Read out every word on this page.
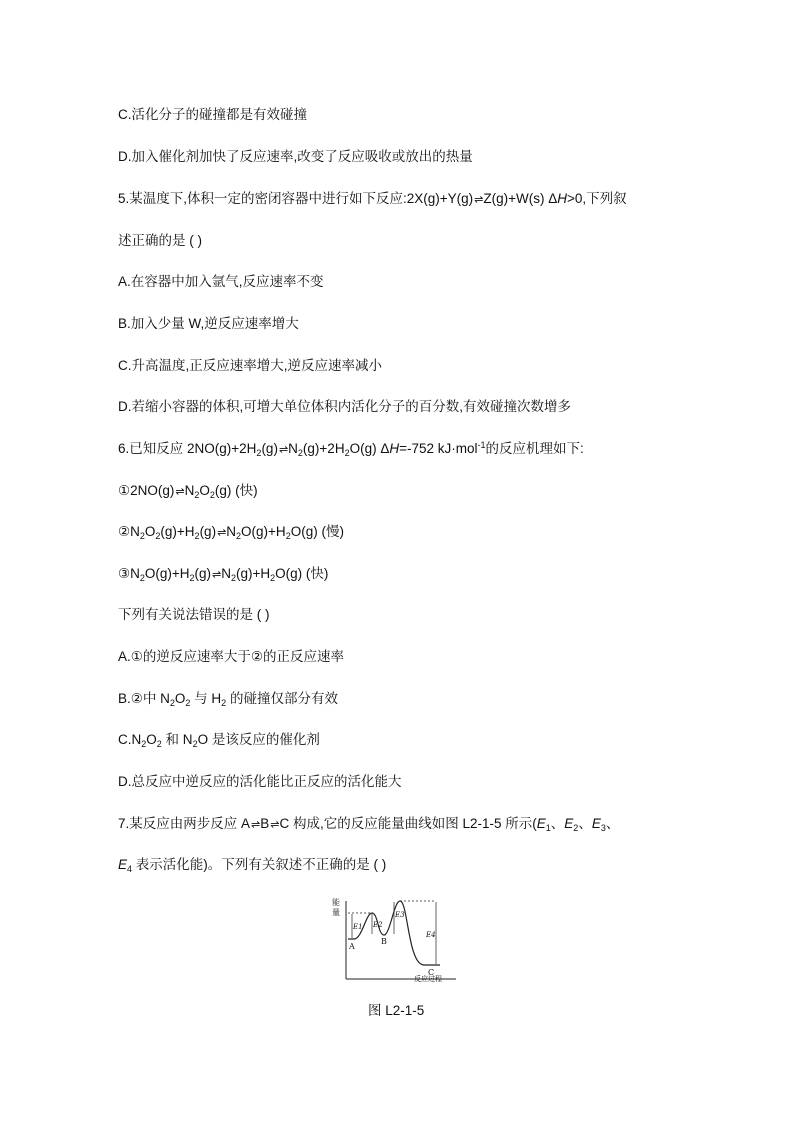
C.活化分子的碰撞都是有效碰撞
D.加入催化剂加快了反应速率,改变了反应吸收或放出的热量
5.某温度下,体积一定的密闭容器中进行如下反应:2X(g)+Y(g)⇌Z(g)+W(s) ΔH>0,下列叙
述正确的是 ( )
A.在容器中加入氩气,反应速率不变
B.加入少量 W,逆反应速率增大
C.升高温度,正反应速率增大,逆反应速率减小
D.若缩小容器的体积,可增大单位体积内活化分子的百分数,有效碰撞次数增多
6.已知反应 $2NO(g)+2H_2(g)\rightleftharpoons N_2(g)+2H_2O(g)$ ΔH=-752 kJ·mol$^{-1}$的反应机理如下:
$①2NO(g)\rightleftharpoons N_2O_2(g)$ (快)
$②N_2O_2(g)+H_2(g)\rightleftharpoons N_2O(g)+H_2O(g)$ (慢)
$③N_2O(g)+H_2(g)\rightleftharpoons N_2(g)+H_2O(g)$ (快)
下列有关说法错误的是 ( )
A.①的逆反应速率大于②的正反应速率
B.②中 $N_2O_2$ 与 $H_2$ 的碰撞仅部分有效
$C.N_2O_2$ 和 $N_2O$ 是该反应的催化剂
D.总反应中逆反应的活化能比正反应的活化能大
7.某反应由两步反应 A⇌B⇌C 构成,它的反应能量曲线如图 L2-1-5 所示($E_1$、$E_2$、$E_3$、
$E_4$ 表示活化能)。下列有关叙述不正确的是 ( )
能
量
反应过程
A
B
C
E1 E2
E3
E4
图 L2-1-5
